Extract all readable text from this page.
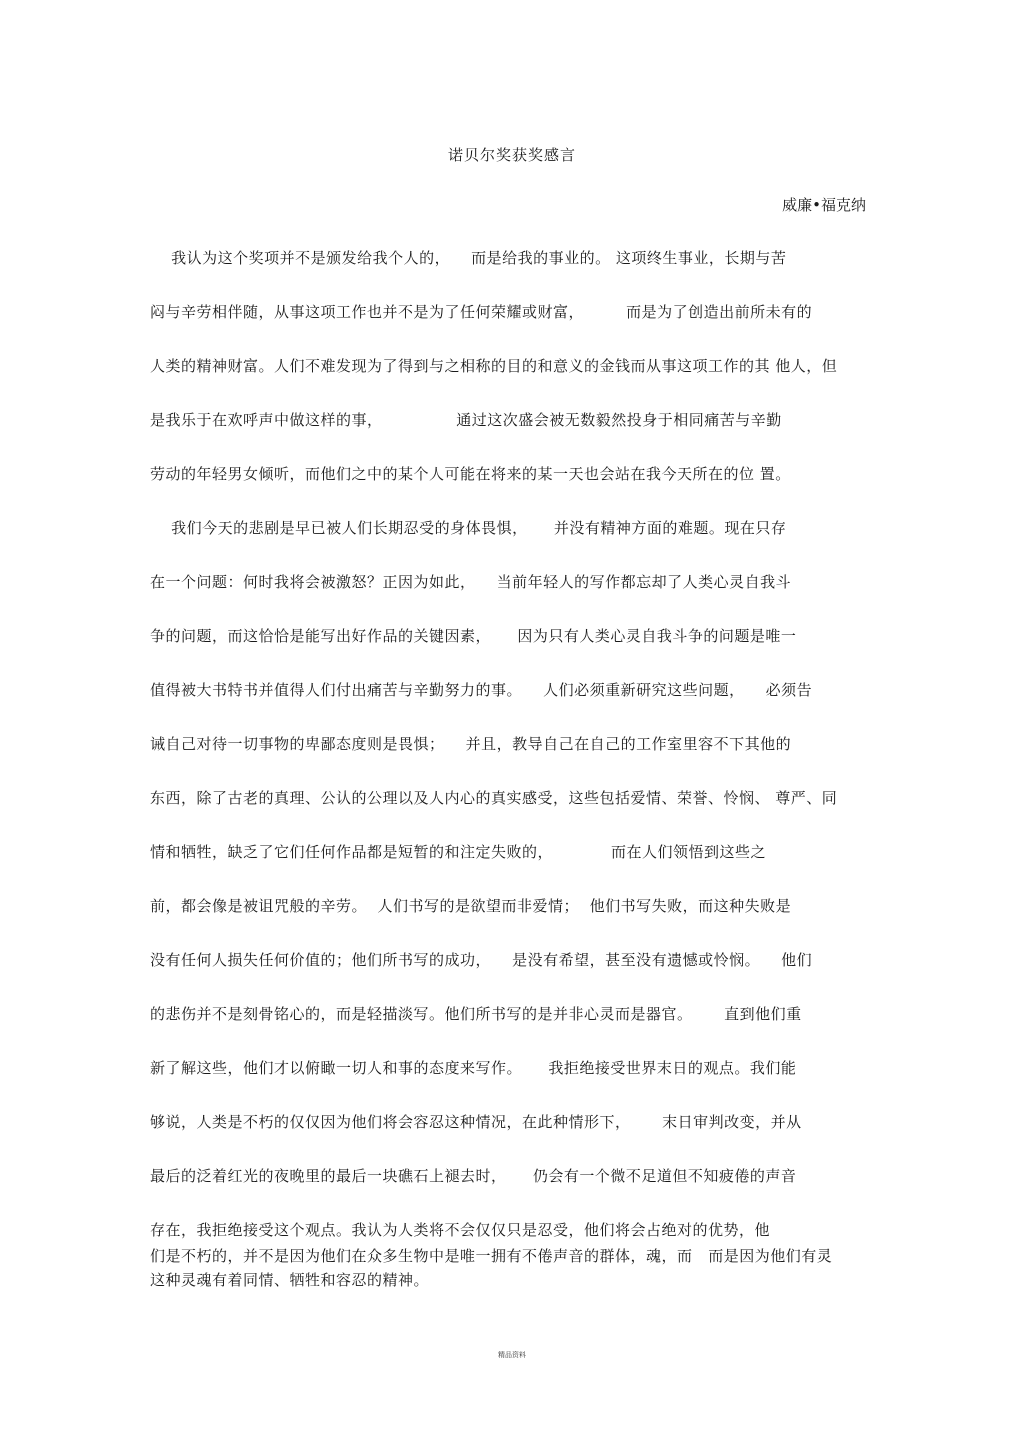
诺贝尔奖获奖感言
威廉•福克纳
我认为这个奖项并不是颁发给我个人的，    而是给我的事业的。 这项终生事业，长期与苦
闷与辛劳相伴随，从事这项工作也并不是为了任何荣耀或财富，        而是为了创造出前所未有的
人类的精神财富。人们不难发现为了得到与之相称的目的和意义的金钱而从事这项工作的其 他人，但
是我乐于在欢呼声中做这样的事，              通过这次盛会被无数毅然投身于相同痛苦与辛勤
劳动的年轻男女倾听，而他们之中的某个人可能在将来的某一天也会站在我今天所在的位 置。
我们今天的悲剧是早已被人们长期忍受的身体畏惧，     并没有精神方面的难题。现在只存
在一个问题：何时我将会被激怒？正因为如此，    当前年轻人的写作都忘却了人类心灵自我斗
争的问题，而这恰恰是能写出好作品的关键因素，     因为只有人类心灵自我斗争的问题是唯一
值得被大书特书并值得人们付出痛苦与辛勤努力的事。    人们必须重新研究这些问题，    必须告
诫自己对待一切事物的卑鄙态度则是畏惧；    并且，教导自己在自己的工作室里容不下其他的
东西，除了古老的真理、公认的公理以及人内心的真实感受，这些包括爱情、荣誉、怜悯、 尊严、同
情和牺牲，缺乏了它们任何作品都是短暂的和注定失败的，           而在人们领悟到这些之
前，都会像是被诅咒般的辛劳。  人们书写的是欲望而非爱情；  他们书写失败，而这种失败是
没有任何人损失任何价值的；他们所书写的成功，    是没有希望，甚至没有遗憾或怜悯。    他们
的悲伤并不是刻骨铭心的，而是轻描淡写。他们所书写的是并非心灵而是器官。      直到他们重
新了解这些，他们才以俯瞰一切人和事的态度来写作。     我拒绝接受世界末日的观点。我们能
够说，人类是不朽的仅仅因为他们将会容忍这种情况，在此种情形下，      末日审判改变，并从
最后的泛着红光的夜晚里的最后一块礁石上褪去时，     仍会有一个微不足道但不知疲倦的声音
存在，我拒绝接受这个观点。我认为人类将不会仅仅只是忍受，他们将会占绝对的优势，他
们是不朽的，并不是因为他们在众多生物中是唯一拥有不倦声音的群体，魂，而   而是因为他们有灵
这种灵魂有着同情、牺牲和容忍的精神。
精品资料
